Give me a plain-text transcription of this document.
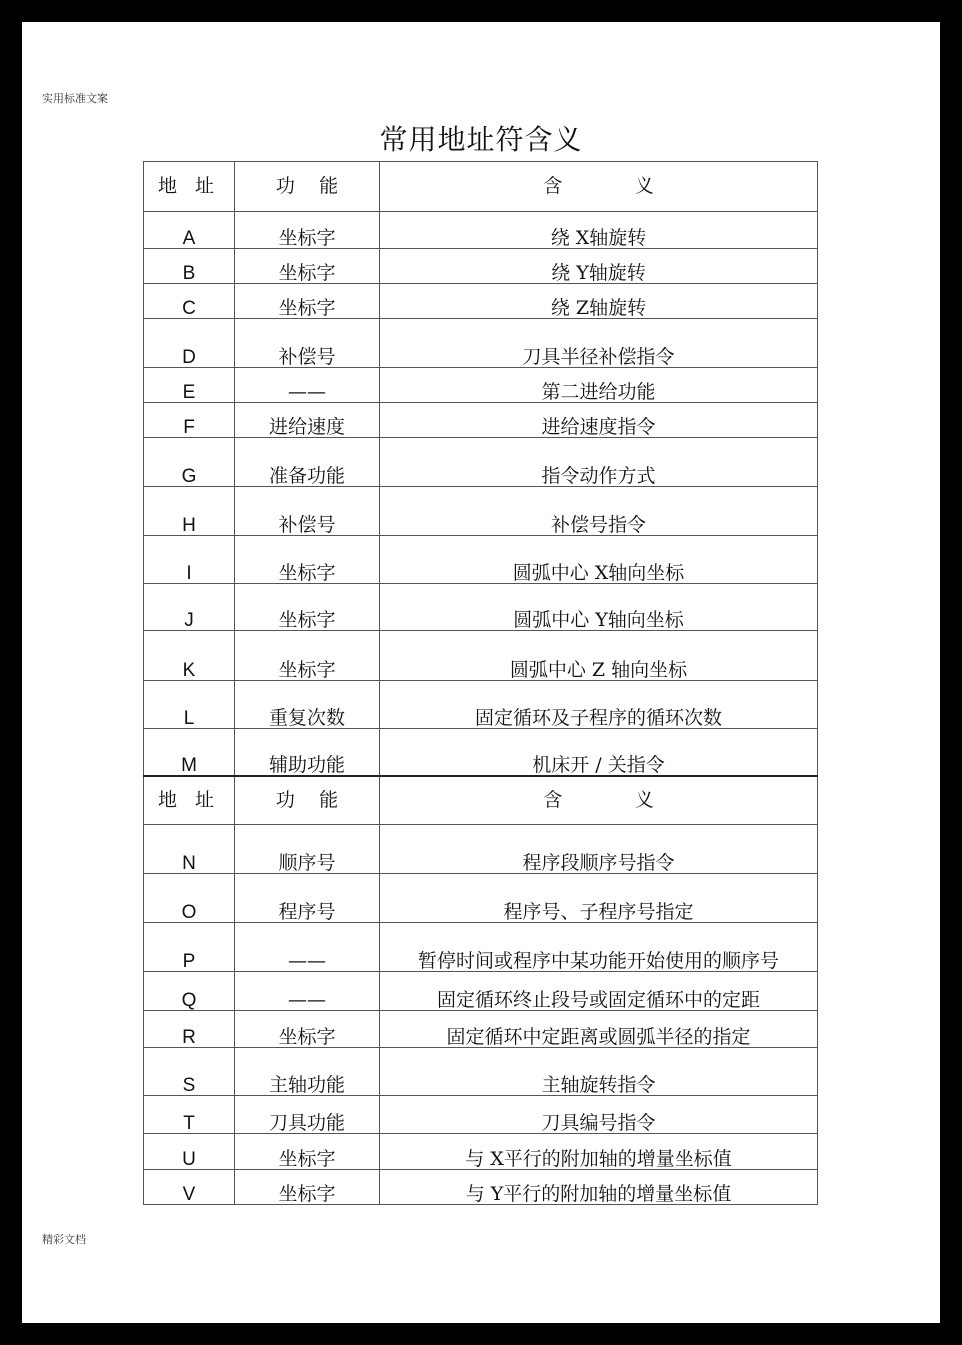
实用标准文案
常用地址符含义
地 址	功    能	含            义
A	坐标字	绕 X轴旋转
B	坐标字	绕 Y轴旋转
C	坐标字	绕 Z轴旋转
D	补偿号	刀具半径补偿指令
E	——	第二进给功能
F	进给速度	进给速度指令
G	准备功能	指令动作方式
H	补偿号	补偿号指令
I	坐标字	圆弧中心 X轴向坐标
J	坐标字	圆弧中心 Y轴向坐标
K	坐标字	圆弧中心 Z 轴向坐标
L	重复次数	固定循环及子程序的循环次数
M	辅助功能	机床开 / 关指令
地 址	功    能	含            义
N	顺序号	程序段顺序号指令
O	程序号	程序号、子程序号指定
P	——	暂停时间或程序中某功能开始使用的顺序号
Q	——	固定循环终止段号或固定循环中的定距
R	坐标字	固定循环中定距离或圆弧半径的指定
S	主轴功能	主轴旋转指令
T	刀具功能	刀具编号指令
U	坐标字	与 X平行的附加轴的增量坐标值
V	坐标字	与 Y平行的附加轴的增量坐标值
精彩文档
